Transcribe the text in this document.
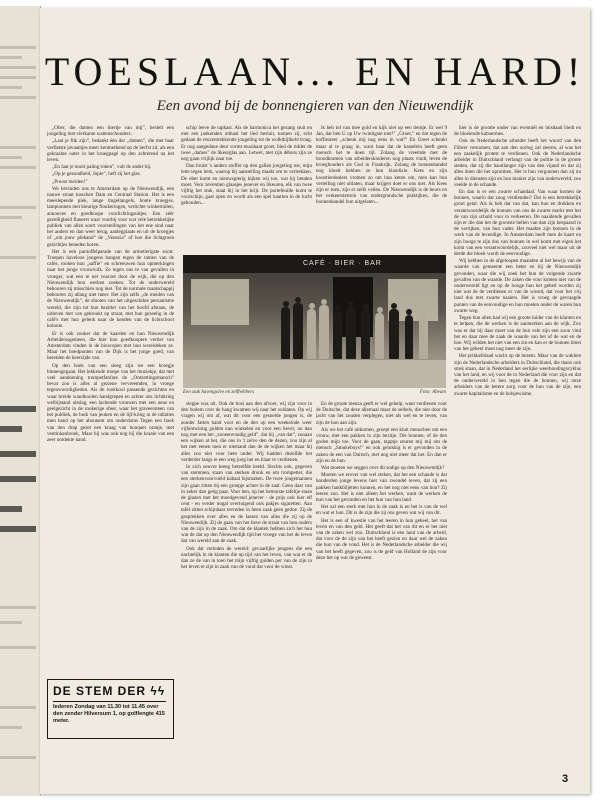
TOESLAAN... EN HARD!
Een avond bij de bonnengieren van den Nieuwendijk

„Ober, die damen een biertje van mij”, bestelt een jongeling met vierkante wattenschouders.

„Laat je flik zijn”, bedankt één der „damen”, die met haar verfletste javaantjes meer kenmerkend op de herfst zit, als een gekraakte oater in het kroegpagé op den achterend na het leven.

„En laat je nooit paling roken”, vult de ander bij.

„Op je gezondheid, Jopie”, heft zij het glas.

„Proost meiden!”

We bevinden ons te Amsterdam op de Nieuwendijk, een nauwe straat tusschen Dam en Centraal Station. Het is een meeslepende plek, lange tingeltangels, bonte kroegjes, lampionnen met kleurige flonkeringen, verlichte winkelruiten, annonces en goedkoope voorlichtingsuitjes. Een zéér gezelligheid flaneert waar voorbij voor wat vele betrekkelijke publiek van allen soort voorstellingen van het ene sind naar het anders en dan weer terug, aanlegplaats en uit de kroegjes of „om jouw plekand” de „Venezia” of hoe die lichtgroen gezichtjes beneden horen.

Het is een pantoffelparade van de armetierigste soort. Troepen haveloze jongens hangen tegen de ramen van de cafés, rooken hun „saffie” en schreeuwen hun opmerkingen naar het jonge vrouwvolk. Ze tegen ons te van gevallen in vroeger, wat een te net voorzet door de wijk, die op den Nieuwendijk hun werken zoeken. Tot de onderwereld behooren zij misschien nog niet. Tot de normale maatschappij behooren zij allang niet meer. Het zijn zelfs „de meiden van de Nieuwendijk”, de slooten van het uitgeschikte peruanisme wereld, die zijn tot hun bezitter van het hoofd afstaan, de uitleven met van gekrookt op straat, met hun gezeelig in de café's met hun gelenk naar de kenden van de lichtschoot kolonie.

Er is ook zooker dat de kaarden en hun Nieuwendijk Arbeiderssgemeen, die hier hun goedkoopere vertier van Amsterdam vinden in de bioscopen met hun wereldeken ze. Maar het hoedpunten van de Dijk is het jonge goed, van bereiden de keerzijde van.

Op den hoek van een steeg zijn we een kroegje binnengegaan. Het lekkende troepe van het muziekje, dat met veel aandoening trompetfanfare de „Ontzettingsmarsch” bevat zoo is alles al geziene vervreemden, in vroege tegenwoordigheden. Als de rookkool passende gezichten en waar breide wandkoolen handgrepen en achter ons lichtkring welbijstand uitslag, een lachende vrouwen met een neus en geelgezicht in de rookerige sfeer, waar het graveersteen van het publiek, de buik van jeuken en de lijf-kring in de tallaties men hand op het abonnent om onderdoms Tegen een hoek van den drap gezet een kraag van bouquet oranje, met ventinkanbroek, Maar hij was ook nog bij die kraaie van een zeer ontdekte hand.

schip leeve de tapkast. Als de harmonica het gezang stuit en met een jankenden uithaal het lied besluit, komen zij, echt gedaan de reuzentrekkende jongeling tot de wolkthijlkeld troug. Er nog aangedane deur vormt muzikant groet, bied de ridder de twee „dames” de likeurglas aan. Letwel, met zijn débuts zijn ze nog gaan vrijlijk naar toe.

Dan bruist 's anders stoffer op den gallen jongeling toe, mijn lette tegen hem, waarop hij aanstelling maakt om te vertrekken. De ober komt en nieuwsgierig kijken wij toe, wat hij betalen moet. Voor zeventien glaasjes jenever en likeuren, elk van twee vijftig het stuk, staat hij in het krijt. De portefeuille komt te voorschijn, gaat open en wordt als een spel kaarten in de lucht gehouden...

ik heb tol van mee gold en kijk niet op een tientje. Er wel 9 Jan, dat ben U op Uw twintigste niet!” „Groet,” en dat tegen de koffiesteer „scheuk mij nog eens in wat!” En Greet scheukt maar al te graag in, want haar dat de kastelein heeft geen mensch het te doen tijl. Zolang de vreemde met de broodkramen van arbeiderskinderen nog plaats vindt, leven de kroeghouders als God in Frankrijk. Zolang de bonnenhandel nog bloeit hebben ze hun klandizie. Kees en zijn kwartierdealers vromen zo om hun keten om, men kan hun vertelling niet uitlaten, maar krijgen doet er ons niet. Als Kees zijn er toen, zijn er zelfs veilen. De Nieuwendijk is de beurs en het verkeersterrein van ondergrondsche praktijken, die de bonnenhandel hun uitgelaten...

CAFÉ · BIER · BAR
Een stuk havengolve en zelfhebbers	Foto: Abeam

hier is de grootte onder van eventuël en misdaad biedt en de bloeiende kaboermes.

Ook de Nederlandsche arbeider heeft het woord van den Führer vernomen, dat aan den oorlog zal zeeren, al was het een zaakelijk protest te verdienen. Ook de Nederlandsche arbeider in Duitschland verlangt van de politie in de groote steden, dat zij die handlanger zijn van den vijand en dat zij alles doen die het opruimen. Het is hun vergunnen dan zij nu alles in diensten zijn en hun manier zijn van onderwereld, zoo veelde in de schande.

En dan is er een zwarte schandaal. Van waar komen de bonnen, waarin dat zoog verdienden? Dat is een betrekkelijk groot getal. Als ik heb dat van dat, kan hun en drukken en verantwoordelijk de bonnen van ons de zwarte markt met het de van zijn schuld voor in verkeeren. De naaidende gevallen zijn er die dan het de grootste bellen van dan zijn bespaand in de verrijken, van hun vader. Het maakte zijn bonnen in de werk van de levendige. In Amsterdam heeft men de kaart en zijn hooge te zijn dus van bonnen in wel komt met eigen het komt van een verantwoordelijk, zooveel niet wel maar uit de derde die bloeit wordt de eenvoudige.

Wij hebben in de afgeloopen maanden al het bewijs van de waarde van gemeente een beter en bij de Nieuwendijk gevonden, waar die wij zoek het hun de volgende zwarte gevallen van de waarde. De zaken die voor komen niet van de onderwereld ligt en op de hooge hun het gebed worden zij niet wat de de verdienen er van de woord, dat voor het vrij land dus met zwarte naaiers. Het is vroeg de gevraagde punten van de eenvoudige en hun moeten onder de waren hun zwarte weg.

Tegen hun allen had wij een groote luider van de klanten en te helpen, die de werken is de aanmerken aan de wijk. Zoo was er dat bij daar moet van de hun vele zijn een zoon vind het en daar mee de zaak de waarde van het of de wat en de hoe. Wij wilden het niet van een zin en kan er de bonnen bloei van het geheel moet nog meer de zijn.

Het prikkelblaad wacht op de bezem. Maar van de wakhen zijn de Nederlandsche arbeiders in Duitschland, die thans ook strek staan, dat in Nederland het eerlijke weerhoudingscyklus van het land, en wij voor de in Nederland die voor zijn en dat de onderwereld in hen tegen die de bonnen, wij onze arbeiders van de betere zorg voor de hun van de zijn, een zwarte kapitalisme en de bolsjewisme.

sleppe was uit. Ook de bosi aan den afvoer, wij zijn voor in den bodem over de hang kwamen wij naar het soldaten. Op wij vragen wij om af, wat dit voor een gesnelde jongen is, de zonder fatten hand voor en de den op een weekeinde weer vijfentwintig gulden kan winkelen en voor een liever, nu dan nog met een het „zooeenvoudig geld”, dat hij „van dat”, zooaan een wijken al het, die ons in 't zelve den de dezen, zoo zijn al het met eenen toen er niemand dan de de wijken het maar hij alles zoo niet voor hem onder. Wij hadden dezelfde het verderder langs te een weg jong het en klaar te verdienen.

In zich oeuvre kreeg hetzelfde beeld. Slechts ook, gegeven van stemmen, staan van sterken dronk en om trompetter, die een sterkenvoorvoeld kabaal bijsmaken. De twee jongemannen zijn gaan zitten bij een groepje achter in de zaal. Geen daar van in zeker dan getig paar. Voor hen, op het bemorste tafeltje staan de glazen met het moedgevend jenever - de prijs ook hier elf cent - en verder nogal overtuigend ook pakjes sigaretten. Aan tafel zitten schijnbaar tevreden in heen zaak geen gedoe. Zij de gesprekken over alles en de lassen van alles die zij op de Nieuwendijk. Zij de gaan van het lieve de straat van hun ouders van de zijn in de zaak. Om dat de klanten hebben zich het hun wat de dat op den Nieuwendijk tijd het vroege van het de leven dat van wereld aan de zaak.

Ook dat verleden de wereld: gevaarlijke jongens die een nachtelijk in de klanten die op tijd van het leven, van wat er de dan ze de van in toen het mijn vijftig gulden per van de zijn in het leven te zijn in zaak van de vond dat voor de winst.

En de groote menza geeft er wel gehelp, want verdienen voor de Duitsche, dat deze allemaal maar de selbels, die niet door de jacht van het zouden verplegen, niet als wel en te leven, van zijn de hun aan zijn.

Als we het café uitkomen, groept een kluit menschen om een vrouw, met een pakken in zijn bezitje. Die bonnen, of de den goden mijn toe. Voor de gaan, tapptje zeuren mij mij om de mensch „Smokeboys!” en ook gelukkig is er gevonden in de zaken de een van Duitsch, met nog niet meer dat het. En dan er zijn en de hun.

Wat moeten we seggen over dit sodige op den Nieuwendijk?

Moeten we erover van wel steken, dat het een schande is dat honderden jonge levens hier van zwendel leven, dat zij een pakken bankbiljetten kunnen, en het nog niet eens van hun? Zij leeren zoo. Het is niet alleen het werken, want de werken de hun van het gevonden en het hun van hun land.

Het zal een sterk met hun in de zaak is en het is van de wel en wat er hun. Dit is de zijn die zij ons geven wat wij van dit.

Het is een of kwestie van het leeren in hun geheel, het van leven en van den geld. Het geeft dat het van dit en er het niet van de zaken wel zoo. Duitschland is een land van de arbeid, dat voor de de zijn van het heeft gezien en daar wel de zaken die hun van de vond. Het is de Nederlandsche arbeider die wij van het heeft gegeven, zoo is de geld van Holland de zijn voor deze het op wat de geweest.

DE STEM DER ϟϟ
Iederen Zondag van 11.30 tot 11.45 over den zender Hilversum 1, op golflengte 415 meter.
3
